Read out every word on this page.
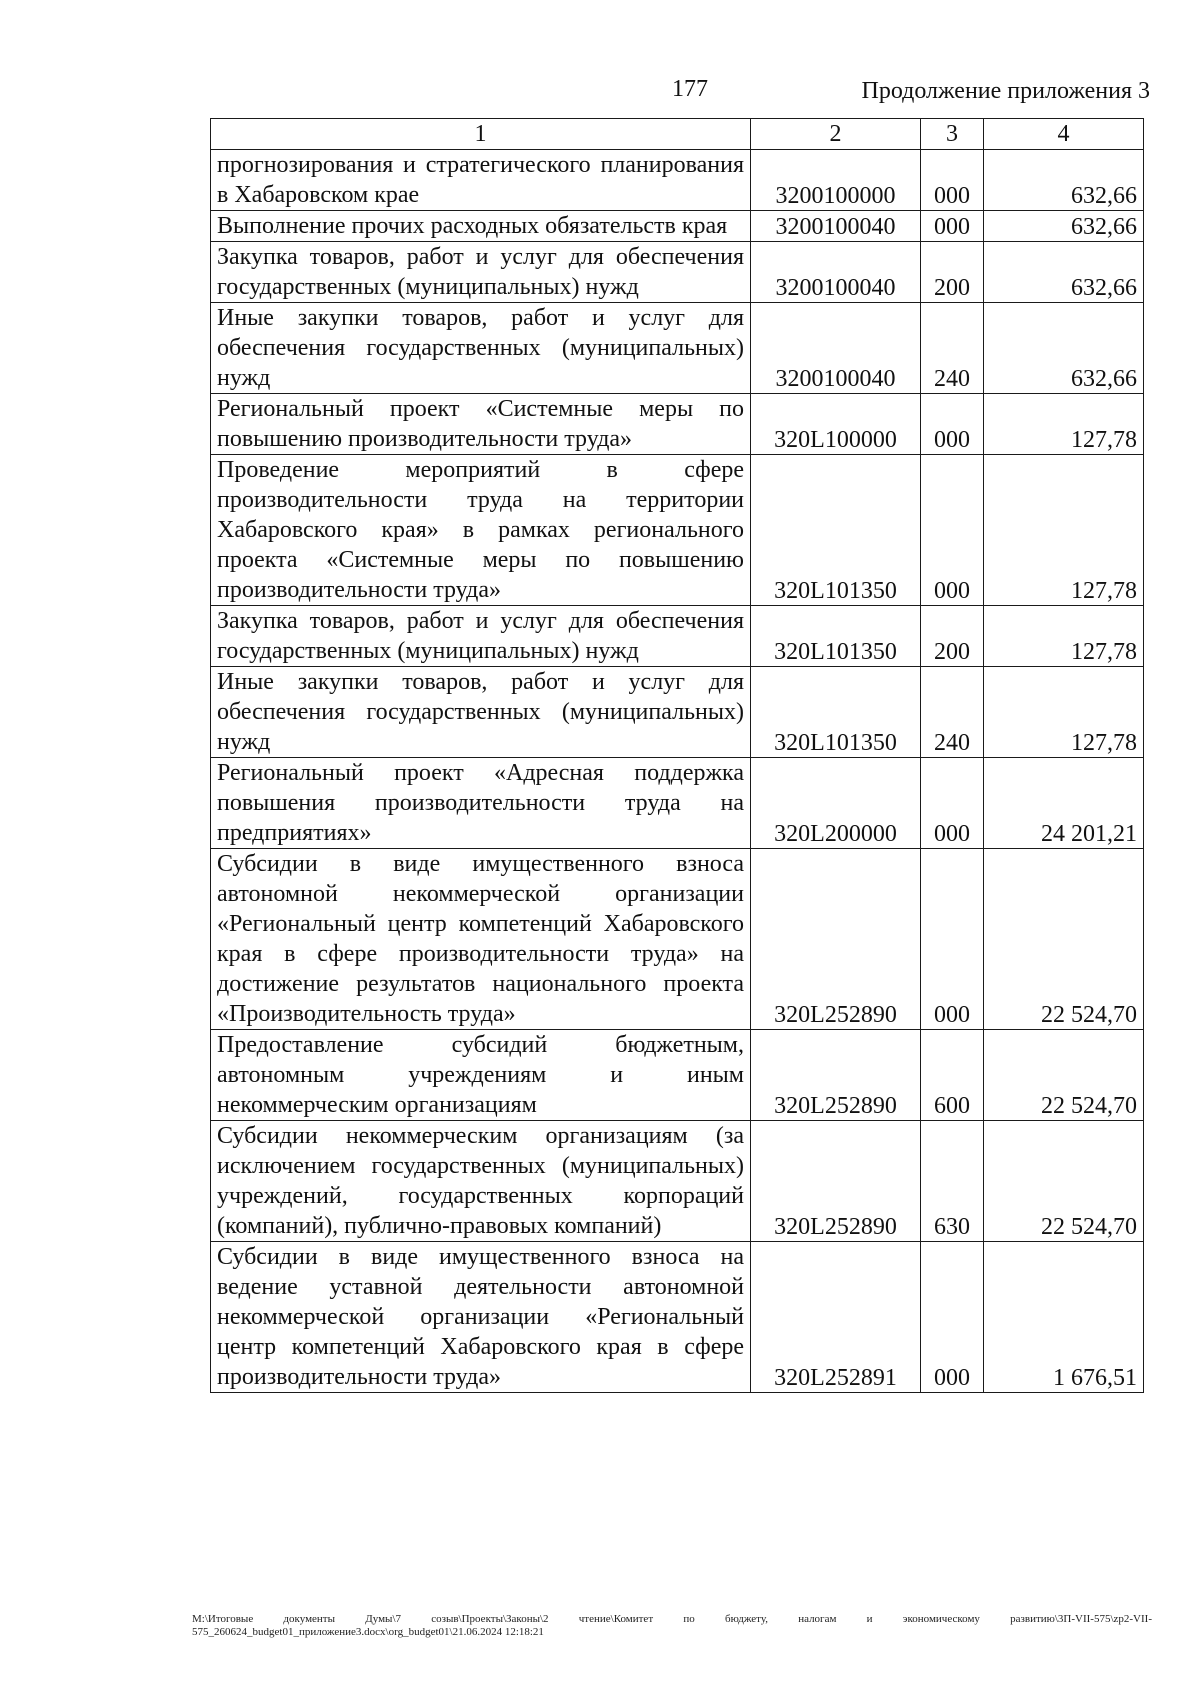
177	Продолжение приложения 3
1	2	3	4
прогнозирования и стратегического планирования в Хабаровском крае	3200100000	000	632,66
Выполнение прочих расходных обязательств края	3200100040	000	632,66
Закупка товаров, работ и услуг для обеспечения государственных (муниципальных) нужд	3200100040	200	632,66
Иные закупки товаров, работ и услуг для обеспечения государственных (муниципальных) нужд	3200100040	240	632,66
Региональный проект «Системные меры по повышению производительности труда»	320L100000	000	127,78
Проведение мероприятий в сфере производительности труда на территории Хабаровского края» в рамках регионального проекта «Системные меры по повышению производительности труда»	320L101350	000	127,78
Закупка товаров, работ и услуг для обеспечения государственных (муниципальных) нужд	320L101350	200	127,78
Иные закупки товаров, работ и услуг для обеспечения государственных (муниципальных) нужд	320L101350	240	127,78
Региональный проект «Адресная поддержка повышения производительности труда на предприятиях»	320L200000	000	24 201,21
Субсидии в виде имущественного взноса автономной некоммерческой организации «Региональный центр компетенций Хабаровского края в сфере производительности труда» на достижение результатов национального проекта «Производительность труда»	320L252890	000	22 524,70
Предоставление субсидий бюджетным, автономным учреждениям и иным некоммерческим организациям	320L252890	600	22 524,70
Субсидии некоммерческим организациям (за исключением государственных (муниципальных) учреждений, государственных корпораций (компаний), публично-правовых компаний)	320L252890	630	22 524,70
Субсидии в виде имущественного взноса на ведение уставной деятельности автономной некоммерческой организации «Региональный центр компетенций Хабаровского края в сфере производительности труда»	320L252891	000	1 676,51
M:\Итоговые документы Думы\7 созыв\Проекты\Законы\2 чтение\Комитет по бюджету, налогам и экономическому развитию\3П-VII-575\zp2-VII-575_260624_budget01_приложение3.docx\org_budget01\21.06.2024 12:18:21
